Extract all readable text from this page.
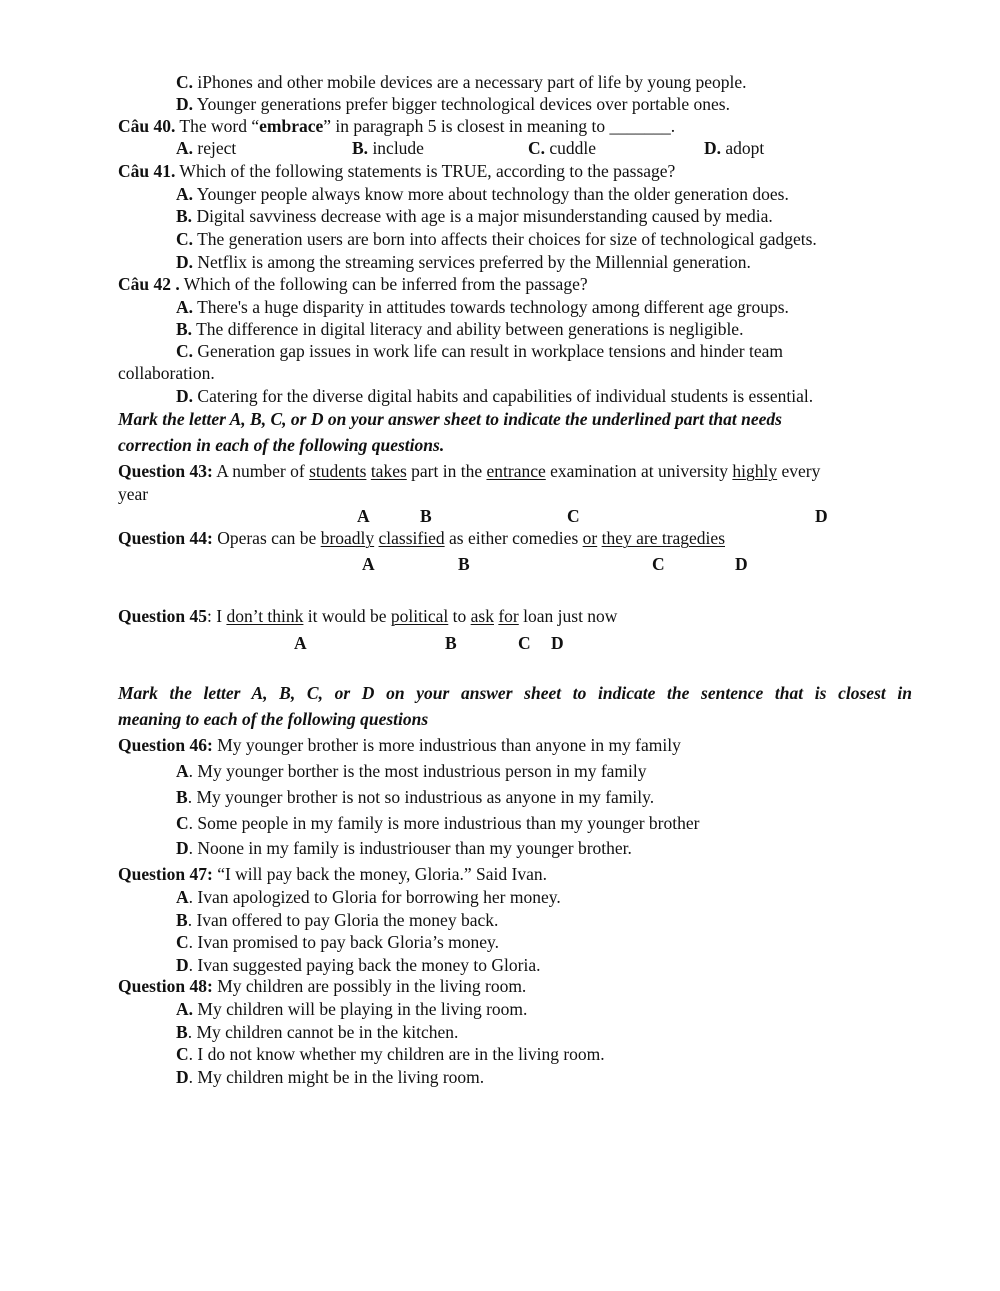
C. iPhones and other mobile devices are a necessary part of life by young people.
D. Younger generations prefer bigger technological devices over portable ones.
Câu 40. The word “embrace” in paragraph 5 is closest in meaning to _______.
A. reject	B. include	C. cuddle	D. adopt
Câu 41. Which of the following statements is TRUE, according to the passage?
A. Younger people always know more about technology than the older generation does.
B. Digital savviness decrease with age is a major misunderstanding caused by media.
C. The generation users are born into affects their choices for size of technological gadgets.
D. Netflix is among the streaming services preferred by the Millennial generation.
Câu 42 . Which of the following can be inferred from the passage?
A. There's a huge disparity in attitudes towards technology among different age groups.
B. The difference in digital literacy and ability between generations is negligible.
C. Generation gap issues in work life can result in workplace tensions and hinder team
collaboration.
D. Catering for the diverse digital habits and capabilities of individual students is essential.
Mark the letter A, B, C, or D on your answer sheet to indicate the underlined part that needs
correction in each of the following questions.
Question 43: A number of students takes part in the entrance examination at university highly every
year
A	B	C	D
Question 44: Operas can be broadly classified as either comedies or they are tragedies
A	B	C	D
Question 45: I don’t think it would be political to ask for loan just now
A	B	C D
Mark the letter A, B, C, or D on your answer sheet to indicate the sentence that is closest in
meaning to each of the following questions
Question 46: My younger brother is more industrious than anyone in my family
A. My younger borther is the most industrious person in my family
B. My younger brother is not so industrious as anyone in my family.
C. Some people in my family is more industrious than my younger brother
D. Noone in my family is industriouser than my younger brother.
Question 47: “I will pay back the money, Gloria.” Said Ivan.
A. Ivan apologized to Gloria for borrowing her money.
B. Ivan offered to pay Gloria the money back.
C. Ivan promised to pay back Gloria’s money.
D. Ivan suggested paying back the money to Gloria.
Question 48: My children are possibly in the living room.
A. My children will be playing in the living room.
B. My children cannot be in the kitchen.
C. I do not know whether my children are in the living room.
D. My children might be in the living room.
